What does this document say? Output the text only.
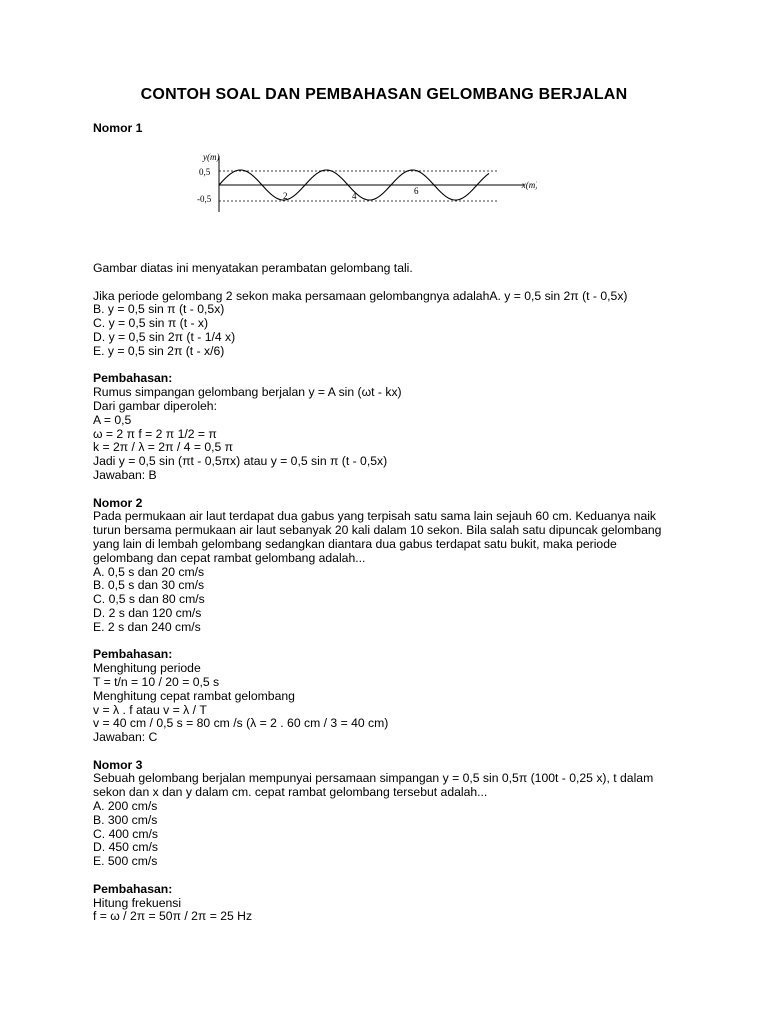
CONTOH SOAL DAN PEMBAHASAN GELOMBANG BERJALAN
Nomor 1
Gambar diatas ini menyatakan perambatan gelombang tali.

Jika periode gelombang 2 sekon maka persamaan gelombangnya adalahA. y = 0,5 sin 2π (t - 0,5x)
B. y = 0,5 sin π (t - 0,5x)
C. y = 0,5 sin π (t - x)
D. y = 0,5 sin 2π (t - 1/4 x)
E. y = 0,5 sin 2π (t - x/6)

Pembahasan:
Rumus simpangan gelombang berjalan y = A sin (ωt - kx)
Dari gambar diperoleh:
A = 0,5
ω = 2 π f = 2 π 1/2 = π
k = 2π / λ = 2π / 4 = 0,5 π
Jadi y = 0,5 sin (πt - 0,5πx) atau y = 0,5 sin π (t - 0,5x)
Jawaban: B

Nomor 2
Pada permukaan air laut terdapat dua gabus yang terpisah satu sama lain sejauh 60 cm. Keduanya naik turun bersama permukaan air laut sebanyak 20 kali dalam 10 sekon. Bila salah satu dipuncak gelombang yang lain di lembah gelombang sedangkan diantara dua gabus terdapat satu bukit, maka periode gelombang dan cepat rambat gelombang adalah...
A. 0,5 s dan 20 cm/s
B. 0,5 s dan 30 cm/s
C. 0,5 s dan 80 cm/s
D. 2 s dan 120 cm/s
E. 2 s dan 240 cm/s

Pembahasan:
Menghitung periode
T = t/n = 10 / 20 = 0,5 s
Menghitung cepat rambat gelombang
v = λ . f atau v = λ / T
v = 40 cm / 0,5 s = 80 cm /s (λ = 2 . 60 cm / 3 = 40 cm)
Jawaban: C

Nomor 3
Sebuah gelombang berjalan mempunyai persamaan simpangan y = 0,5 sin 0,5π (100t - 0,25 x), t dalam sekon dan x dan y dalam cm. cepat rambat gelombang tersebut adalah...
A. 200 cm/s
B. 300 cm/s
C. 400 cm/s
D. 450 cm/s
E. 500 cm/s

Pembahasan:
Hitung frekuensi
f = ω / 2π = 50π / 2π = 25 Hz
y(m)
0,5
-0,5
x(m)
2	4	6
